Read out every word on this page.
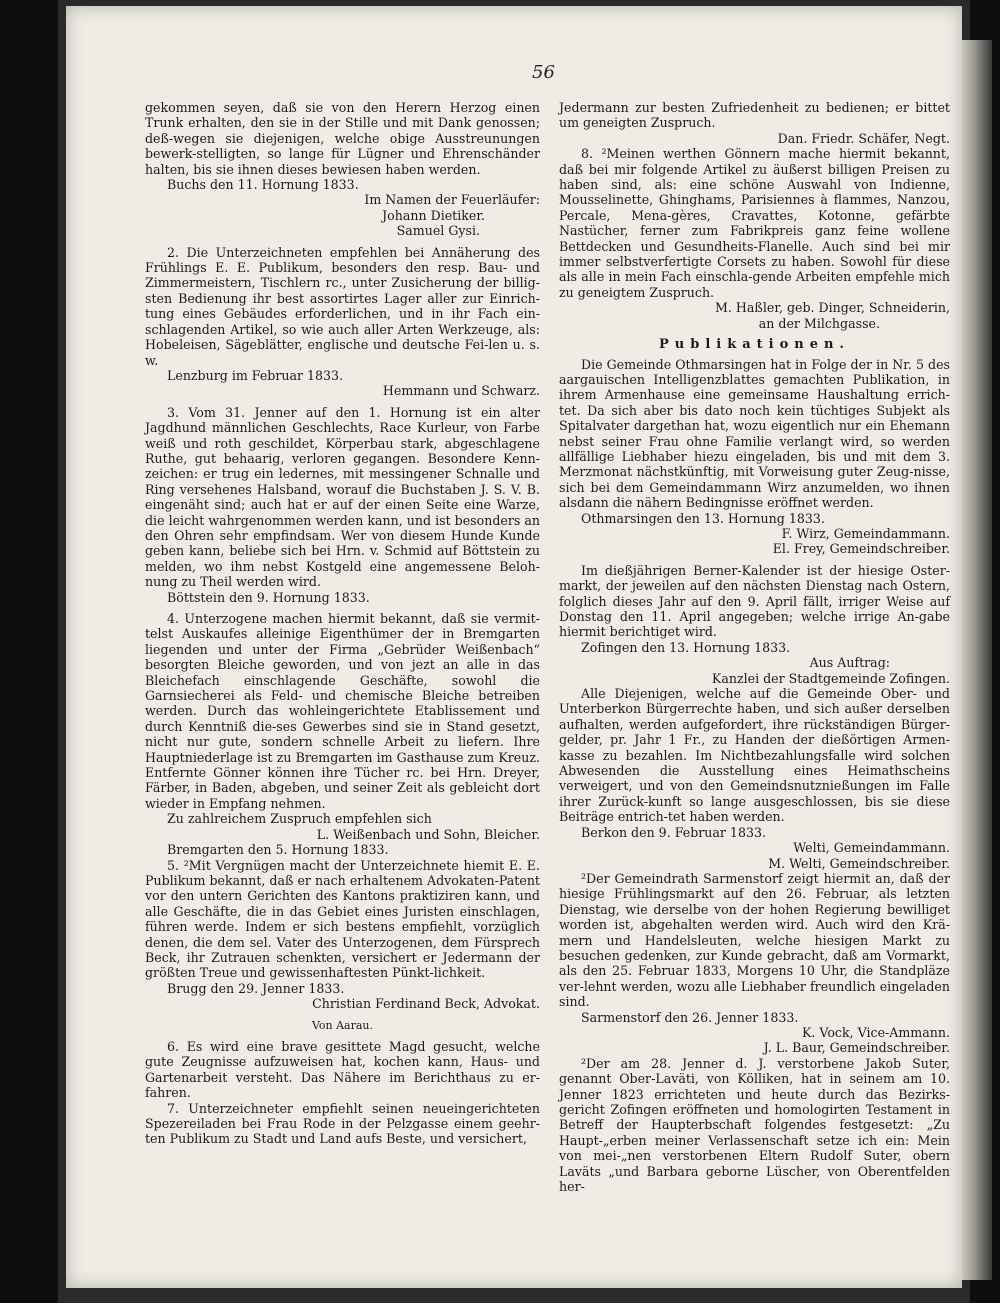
56

gekommen seyen, daß sie von den Herern Herzog einen Trunk erhalten, den sie in der Stille und mit Dank genossen; deß-wegen sie diejenigen, welche obige Ausstreunungen bewerk-stelligten, so lange für Lügner und Ehrenschänder halten, bis sie ihnen dieses bewiesen haben werden.

Buchs den 11. Hornung 1833.

Im Namen der Feuerläufer:

Johann Dietiker.

Samuel Gysi.

2. Die Unterzeichneten empfehlen bei Annäherung des Frühlings E. E. Publikum, besonders den resp. Bau- und Zimmermeistern, Tischlern rc., unter Zusicherung der billig-sten Bedienung ihr best assortirtes Lager aller zur Einrich-tung eines Gebäudes erforderlichen, und in ihr Fach ein-schlagenden Artikel, so wie auch aller Arten Werkzeuge, als: Hobeleisen, Sägeblätter, englische und deutsche Fei-len u. s. w.

Lenzburg im Februar 1833.

Hemmann und Schwarz.

3. Vom 31. Jenner auf den 1. Hornung ist ein alter Jagdhund männlichen Geschlechts, Race Kurleur, von Farbe weiß und roth geschildet, Körperbau stark, abgeschlagene Ruthe, gut behaarig, verloren gegangen. Besondere Kenn-zeichen: er trug ein ledernes, mit messingener Schnalle und Ring versehenes Halsband, worauf die Buchstaben J. S. V. B. eingenäht sind; auch hat er auf der einen Seite eine Warze, die leicht wahrgenommen werden kann, und ist besonders an den Ohren sehr empfindsam. Wer von diesem Hunde Kunde geben kann, beliebe sich bei Hrn. v. Schmid auf Böttstein zu melden, wo ihm nebst Kostgeld eine angemessene Beloh-nung zu Theil werden wird.

Böttstein den 9. Hornung 1833.

4. Unterzogene machen hiermit bekannt, daß sie vermit-telst Auskaufes alleinige Eigenthümer der in Bremgarten liegenden und unter der Firma „Gebrüder Weißenbach“ besorgten Bleiche geworden, und von jezt an alle in das Bleichefach einschlagende Geschäfte, sowohl die Garnsiecherei als Feld- und chemische Bleiche betreiben werden. Durch das wohleingerichtete Etablissement und durch Kenntniß die-ses Gewerbes sind sie in Stand gesetzt, nicht nur gute, sondern schnelle Arbeit zu liefern. Ihre Hauptniederlage ist zu Bremgarten im Gasthause zum Kreuz. Entfernte Gönner können ihre Tücher rc. bei Hrn. Dreyer, Färber, in Baden, abgeben, und seiner Zeit als gebleicht dort wieder in Empfang nehmen.

Zu zahlreichem Zuspruch empfehlen sich

L. Weißenbach und Sohn, Bleicher.

Bremgarten den 5. Hornung 1833.

5. ²Mit Vergnügen macht der Unterzeichnete hiemit E. E. Publikum bekannt, daß er nach erhaltenem Advokaten-Patent vor den untern Gerichten des Kantons praktiziren kann, und alle Geschäfte, die in das Gebiet eines Juristen einschlagen, führen werde. Indem er sich bestens empfiehlt, vorzüglich denen, die dem sel. Vater des Unterzogenen, dem Fürsprech Beck, ihr Zutrauen schenkten, versichert er Jedermann der größten Treue und gewissenhaftesten Pünkt-lichkeit.

Brugg den 29. Jenner 1833.

Christian Ferdinand Beck, Advokat.

Von Aarau.

6. Es wird eine brave gesittete Magd gesucht, welche gute Zeugnisse aufzuweisen hat, kochen kann, Haus- und Gartenarbeit versteht. Das Nähere im Berichthaus zu er-fahren.

7. Unterzeichneter empfiehlt seinen neueingerichteten Spezereiladen bei Frau Rode in der Pelzgasse einem geehr-ten Publikum zu Stadt und Land aufs Beste, und versichert,

Jedermann zur besten Zufriedenheit zu bedienen; er bittet um geneigten Zuspruch.

Dan. Friedr. Schäfer, Negt.

8. ²Meinen werthen Gönnern mache hiermit bekannt, daß bei mir folgende Artikel zu äußerst billigen Preisen zu haben sind, als: eine schöne Auswahl von Indienne, Mousselinette, Ghinghams, Parisiennes à flammes, Nanzou, Percale, Mena-gères, Cravattes, Kotonne, gefärbte Nastücher, ferner zum Fabrikpreis ganz feine wollene Bettdecken und Gesundheits-Flanelle. Auch sind bei mir immer selbstverfertigte Corsets zu haben. Sowohl für diese als alle in mein Fach einschla-gende Arbeiten empfehle mich zu geneigtem Zuspruch.

M. Haßler, geb. Dinger, Schneiderin,

an der Milchgasse.

Publikationen.

Die Gemeinde Othmarsingen hat in Folge der in Nr. 5 des aargauischen Intelligenzblattes gemachten Publikation, in ihrem Armenhause eine gemeinsame Haushaltung errich-tet. Da sich aber bis dato noch kein tüchtiges Subjekt als Spitalvater dargethan hat, wozu eigentlich nur ein Ehemann nebst seiner Frau ohne Familie verlangt wird, so werden allfällige Liebhaber hiezu eingeladen, bis und mit dem 3. Merzmonat nächstkünftig, mit Vorweisung guter Zeug-nisse, sich bei dem Gemeindammann Wirz anzumelden, wo ihnen alsdann die nähern Bedingnisse eröffnet werden.

Othmarsingen den 13. Hornung 1833.

F. Wirz, Gemeindammann.

El. Frey, Gemeindschreiber.

Im dießjährigen Berner-Kalender ist der hiesige Oster-markt, der jeweilen auf den nächsten Dienstag nach Ostern, folglich dieses Jahr auf den 9. April fällt, irriger Weise auf Donstag den 11. April angegeben; welche irrige An-gabe hiermit berichtiget wird.

Zofingen den 13. Hornung 1833.

Aus Auftrag:

Kanzlei der Stadtgemeinde Zofingen.

Alle Diejenigen, welche auf die Gemeinde Ober- und Unterberkon Bürgerrechte haben, und sich außer derselben aufhalten, werden aufgefordert, ihre rückständigen Bürger-gelder, pr. Jahr 1 Fr., zu Handen der dießörtigen Armen-kasse zu bezahlen. Im Nichtbezahlungsfalle wird solchen Abwesenden die Ausstellung eines Heimathscheins verweigert, und von den Gemeindsnutznießungen im Falle ihrer Zurück-kunft so lange ausgeschlossen, bis sie diese Beiträge entrich-tet haben werden.

Berkon den 9. Februar 1833.

Welti, Gemeindammann.

M. Welti, Gemeindschreiber.

²Der Gemeindrath Sarmenstorf zeigt hiermit an, daß der hiesige Frühlingsmarkt auf den 26. Februar, als letzten Dienstag, wie derselbe von der hohen Regierung bewilliget worden ist, abgehalten werden wird. Auch wird den Krä-mern und Handelsleuten, welche hiesigen Markt zu besuchen gedenken, zur Kunde gebracht, daß am Vormarkt, als den 25. Februar 1833, Morgens 10 Uhr, die Standpläze ver-lehnt werden, wozu alle Liebhaber freundlich eingeladen sind.

Sarmenstorf den 26. Jenner 1833.

K. Vock, Vice-Ammann.

J. L. Baur, Gemeindschreiber.

²Der am 28. Jenner d. J. verstorbene Jakob Suter, genannt Ober-Laväti, von Kölliken, hat in seinem am 10. Jenner 1823 errichteten und heute durch das Bezirks-gericht Zofingen eröffneten und homologirten Testament in Betreff der Haupterbschaft folgendes festgesetzt: „Zu Haupt-„erben meiner Verlassenschaft setze ich ein: Mein von mei-„nen verstorbenen Eltern Rudolf Suter, obern Laväts „und Barbara geborne Lüscher, von Oberentfelden her-
